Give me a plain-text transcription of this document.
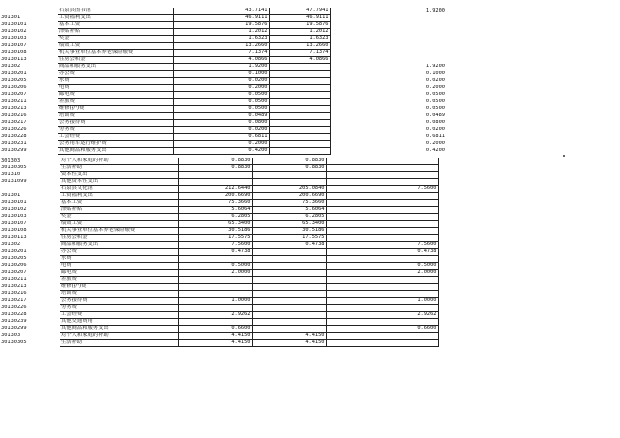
	石泉县图书馆	43.7141	47.7941	1.9200
301301	工资福利支出	46.9111	46.9111	
30130101	基本工资	19.5876	19.5876	
30130102	津贴补贴	1.2012	1.2012	
30130103	奖金	1.6323	1.6323	
30130107	绩效工资	13.2660	13.2660	
30130108	机关事业单位基本养老保险缴费	7.1374	7.1374	
30130113	住房公积金	4.0866	4.0866	
301302	商品和服务支出	1.9200		1.9200
30130201	办公费	0.1000		0.1000
30130205	水费	0.0200		0.0200
30130206	电费	0.2000		0.2000
30130207	邮电费	0.0500		0.0500
30130211	差旅费	0.0500		0.0500
30130213	维修(护)费	0.0500		0.0500
30130216	培训费	0.0489		0.0489
30130217	公务接待费	0.0800		0.0800
30130226	劳务费	0.0200		0.0200
30130228	工会经费	0.6811		0.6811
30130231	公务用车运行维护费	0.2000		0.2000
30130299	其他商品和服务支出	0.4200		0.4200
301303	对个人和家庭的补助	0.8830	0.8830		
30130305	生活补助	0.8830	0.8830		
301310	资本性支出				
30131099	其他资本性支出				
	石泉县文化馆	212.6440	205.0840	7.5600	
301301	工资福利支出	200.6690	200.6690		
30130101	基本工资	75.3660	75.3660		
30130102	津贴补贴	5.6064	5.6064		
30130103	奖金	6.2805	6.2805		
30130107	绩效工资	65.3400	65.3400		
30130108	机关事业单位基本养老保险缴费	30.5186	30.5186		
30130113	住房公积金	17.5575	17.5575		
301302	商品和服务支出	7.5600	0.4738	7.5600	
30130201	办公费	0.4738		0.4738	
30130205	水费				
30130206	电费	0.5000		0.5000	
30130207	邮电费	2.0000		2.0000	
30130211	差旅费				
30130213	维修(护)费				
30130216	培训费				
30130217	公务接待费	1.0000		1.0000	
30130226	劳务费				
30130228	工会经费	2.9262		2.9262	
30130239	其他交通费用				
30130299	其他商品和服务支出	0.6600		0.6600	
301303	对个人和家庭的补助	4.4150	4.4150		
30130305	生活补助	4.4150	4.4150		
